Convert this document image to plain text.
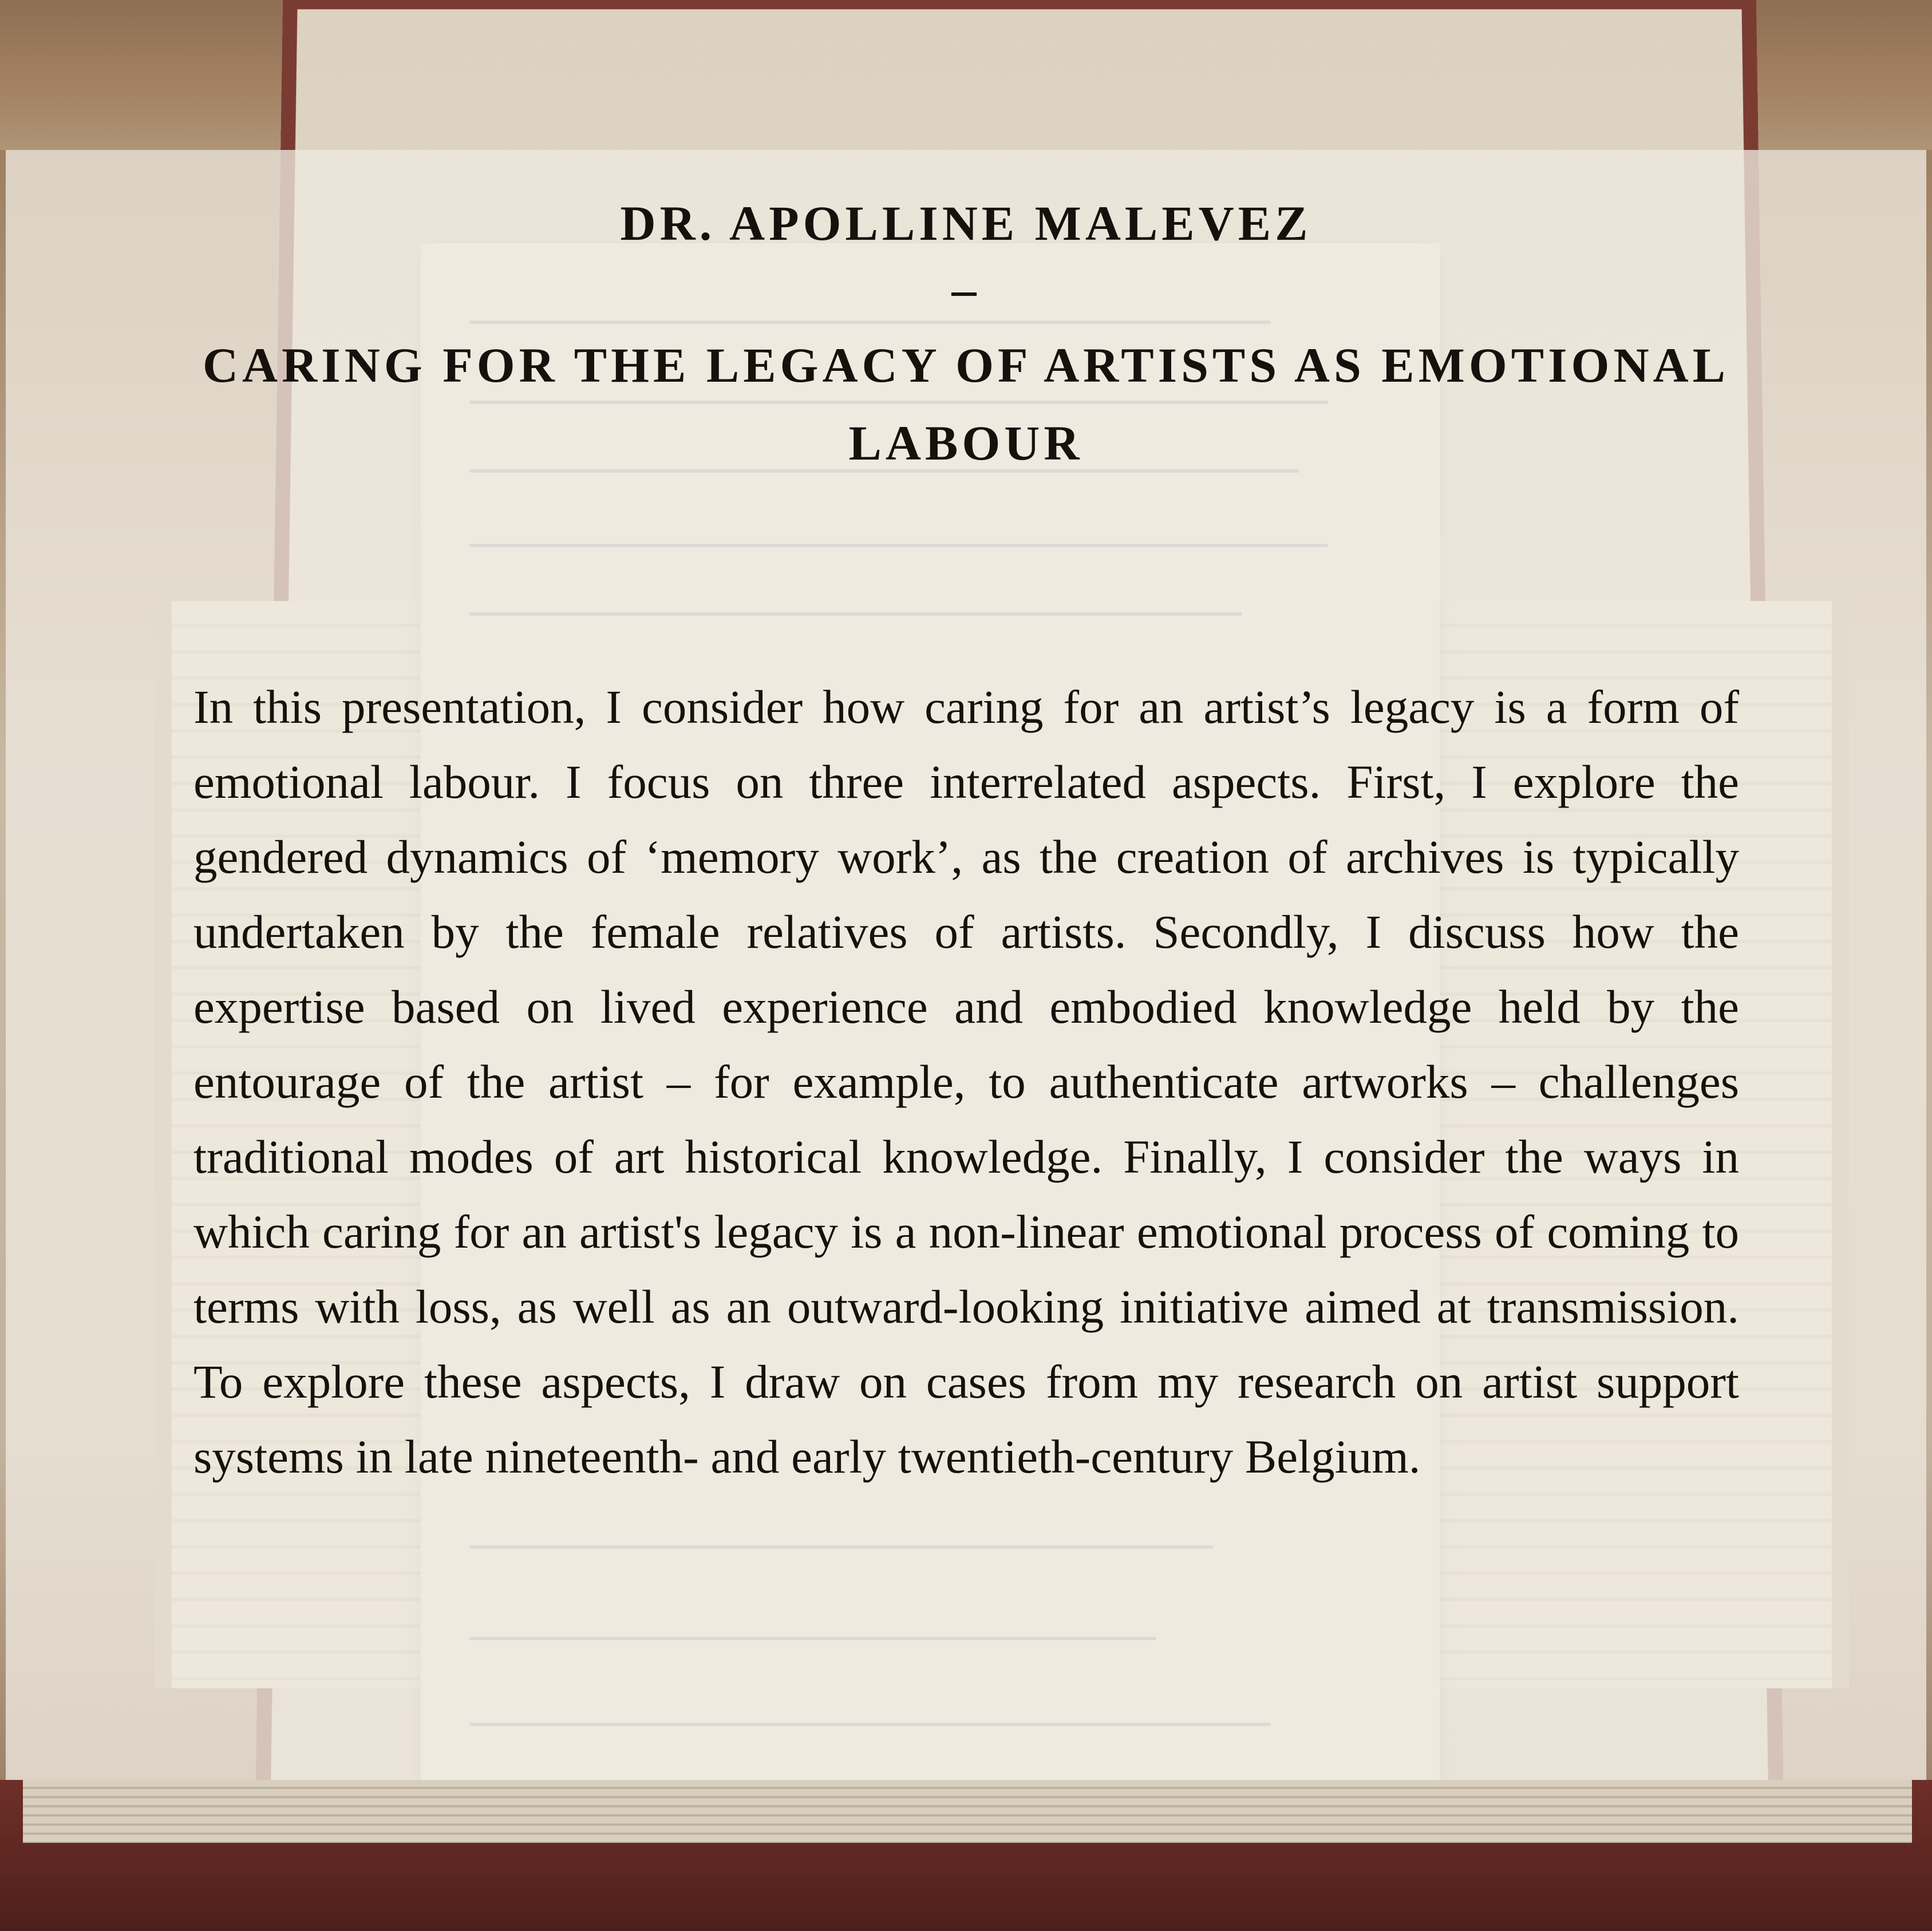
DR. APOLLINE MALEVEZ

–

CARING FOR THE LEGACY OF ARTISTS AS EMOTIONAL LABOUR

In this presentation, I consider how caring for an artist’s legacy is a form of emotional labour. I focus on three interrelated aspects. First, I explore the gendered dynamics of ‘memory work’, as the creation of archives is typically undertaken by the female relatives of artists. Secondly, I discuss how the expertise based on lived experience and embodied knowledge held by the entourage of the artist – for example, to authenticate artworks – challenges traditional modes of art historical knowledge. Finally, I consider the ways in which caring for an artist's legacy is a non-linear emotional process of coming to terms with loss, as well as an outward-looking initiative aimed at transmission. To explore these aspects, I draw on cases from my research on artist support systems in late nineteenth- and early twentieth-century Belgium.
